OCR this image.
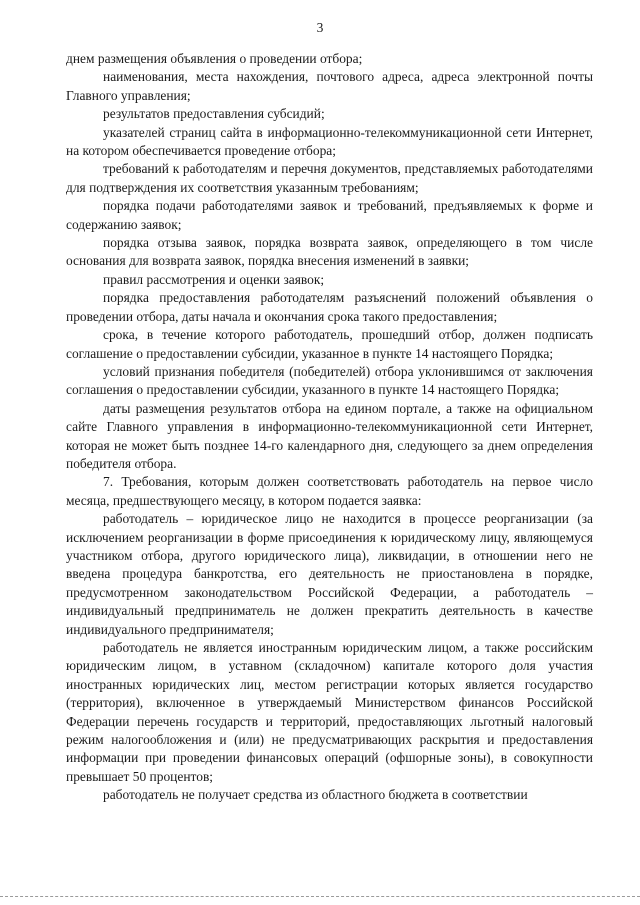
3

днем размещения объявления о проведении отбора;

наименования, места нахождения, почтового адреса, адреса электронной почты Главного управления;

результатов предоставления субсидий;

указателей страниц сайта в информационно-телекоммуникационной сети Интернет, на котором обеспечивается проведение отбора;

требований к работодателям и перечня документов, представляемых работодателями для подтверждения их соответствия указанным требованиям;

порядка подачи работодателями заявок и требований, предъявляемых к форме и содержанию заявок;

порядка отзыва заявок, порядка возврата заявок, определяющего в том числе основания для возврата заявок, порядка внесения изменений в заявки;

правил рассмотрения и оценки заявок;

порядка предоставления работодателям разъяснений положений объявления о проведении отбора, даты начала и окончания срока такого предоставления;

срока, в течение которого работодатель, прошедший отбор, должен подписать соглашение о предоставлении субсидии, указанное в пункте 14 настоящего Порядка;

условий признания победителя (победителей) отбора уклонившимся от заключения соглашения о предоставлении субсидии, указанного в пункте 14 настоящего Порядка;

даты размещения результатов отбора на едином портале, а также на официальном сайте Главного управления в информационно-телекоммуникационной сети Интернет, которая не может быть позднее 14-го календарного дня, следующего за днем определения победителя отбора.

7. Требования, которым должен соответствовать работодатель на первое число месяца, предшествующего месяцу, в котором подается заявка:

работодатель – юридическое лицо не находится в процессе реорганизации (за исключением реорганизации в форме присоединения к юридическому лицу, являющемуся участником отбора, другого юридического лица), ликвидации, в отношении него не введена процедура банкротства, его деятельность не приостановлена в порядке, предусмотренном законодательством Российской Федерации, а работодатель – индивидуальный предприниматель не должен прекратить деятельность в качестве индивидуального предпринимателя;

работодатель не является иностранным юридическим лицом, а также российским юридическим лицом, в уставном (складочном) капитале которого доля участия иностранных юридических лиц, местом регистрации которых является государство (территория), включенное в утверждаемый Министерством финансов Российской Федерации перечень государств и территорий, предоставляющих льготный налоговый режим налогообложения и (или) не предусматривающих раскрытия и предоставления информации при проведении финансовых операций (офшорные зоны), в совокупности превышает 50 процентов;

работодатель не получает средства из областного бюджета в соответствии
